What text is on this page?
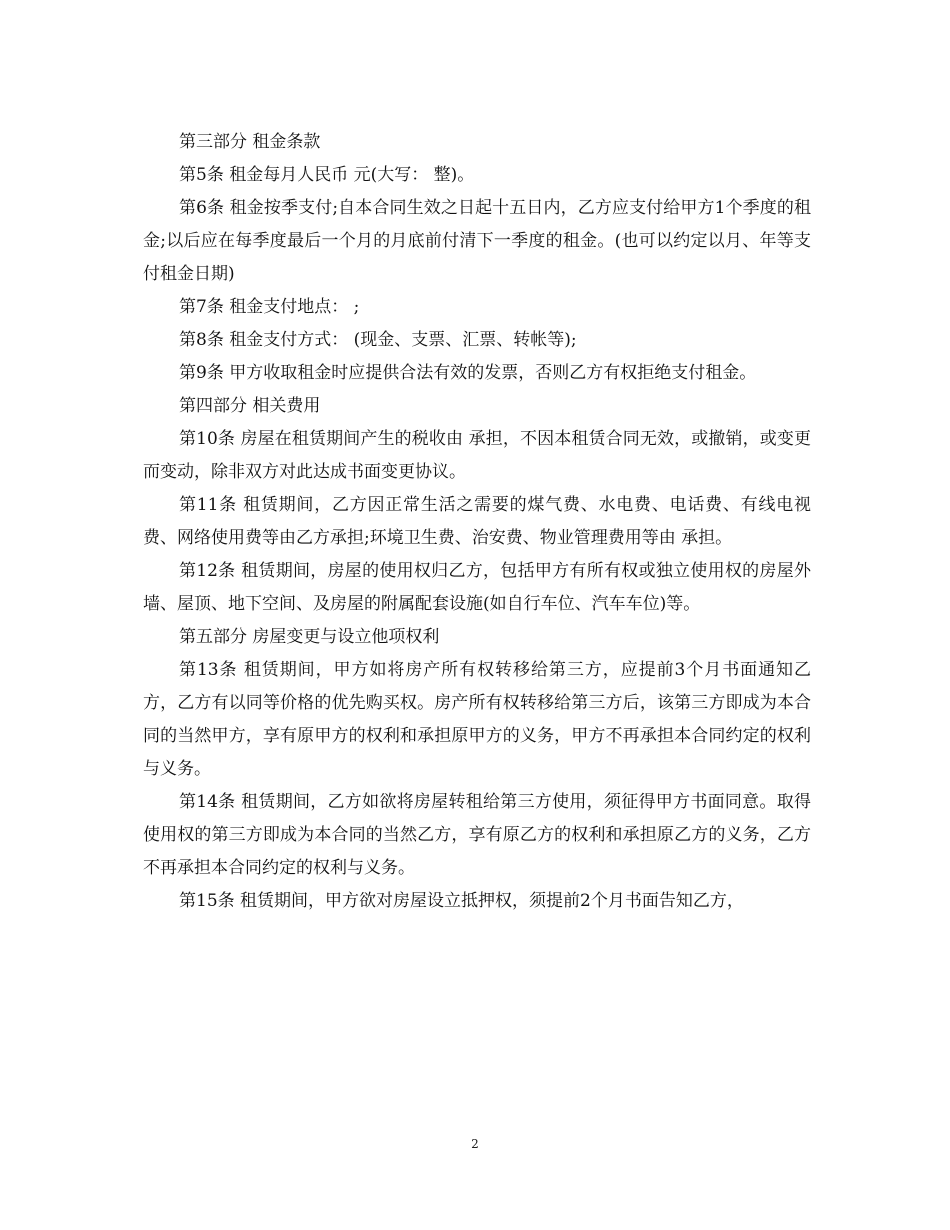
第三部分 租金条款

第5条 租金每月人民币 元(大写： 整)。

第6条 租金按季支付;自本合同生效之日起十五日内，乙方应支付给甲方1个季度的租金;以后应在每季度最后一个月的月底前付清下一季度的租金。(也可以约定以月、年等支付租金日期)

第7条 租金支付地点： ;

第8条 租金支付方式： (现金、支票、汇票、转帐等);

第9条 甲方收取租金时应提供合法有效的发票，否则乙方有权拒绝支付租金。

第四部分 相关费用

第10条 房屋在租赁期间产生的税收由 承担，不因本租赁合同无效，或撤销，或变更而变动，除非双方对此达成书面变更协议。

第11条 租赁期间，乙方因正常生活之需要的煤气费、水电费、电话费、有线电视费、网络使用费等由乙方承担;环境卫生费、治安费、物业管理费用等由 承担。

第12条 租赁期间，房屋的使用权归乙方，包括甲方有所有权或独立使用权的房屋外墙、屋顶、地下空间、及房屋的附属配套设施(如自行车位、汽车车位)等。

第五部分 房屋变更与设立他项权利

第13条 租赁期间，甲方如将房产所有权转移给第三方，应提前3个月书面通知乙方，乙方有以同等价格的优先购买权。房产所有权转移给第三方后，该第三方即成为本合同的当然甲方，享有原甲方的权利和承担原甲方的义务，甲方不再承担本合同约定的权利与义务。

第14条 租赁期间，乙方如欲将房屋转租给第三方使用，须征得甲方书面同意。取得使用权的第三方即成为本合同的当然乙方，享有原乙方的权利和承担原乙方的义务，乙方不再承担本合同约定的权利与义务。

第15条 租赁期间，甲方欲对房屋设立抵押权，须提前2个月书面告知乙方，

2
